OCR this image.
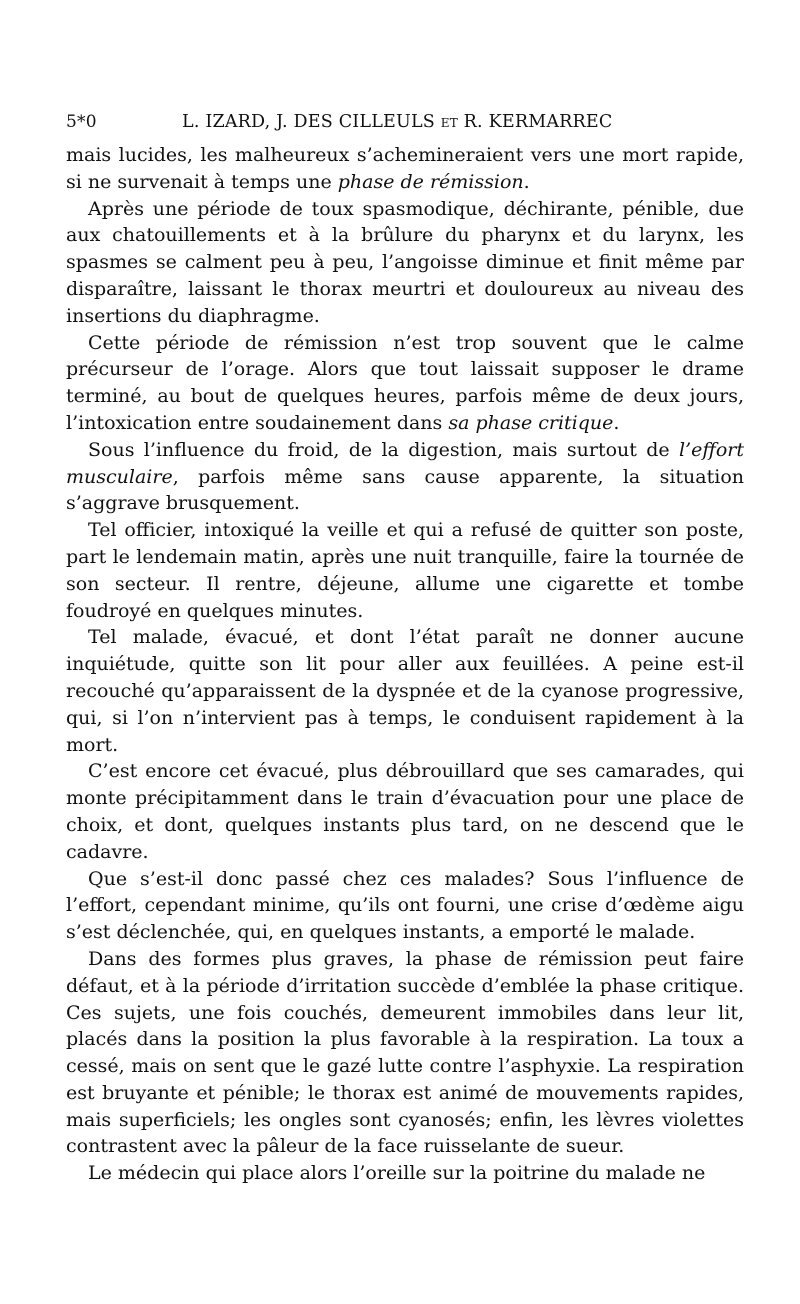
5*0	L. IZARD, J. DES CILLEULS et R. KERMARREC

mais lucides, les malheureux s’achemineraient vers une mort rapide, si ne survenait à temps une phase de rémission.

Après une période de toux spasmodique, déchirante, pénible, due aux chatouillements et à la brûlure du pharynx et du larynx, les spasmes se calment peu à peu, l’angoisse diminue et finit même par disparaître, laissant le thorax meurtri et douloureux au niveau des insertions du diaphragme.

Cette période de rémission n’est trop souvent que le calme précurseur de l’orage. Alors que tout laissait supposer le drame terminé, au bout de quelques heures, parfois même de deux jours, l’intoxication entre soudainement dans sa phase critique.

Sous l’influence du froid, de la digestion, mais surtout de l’effort musculaire, parfois même sans cause apparente, la situation s’aggrave brusquement.

Tel officier, intoxiqué la veille et qui a refusé de quitter son poste, part le lendemain matin, après une nuit tranquille, faire la tournée de son secteur. Il rentre, déjeune, allume une cigarette et tombe foudroyé en quelques minutes.

Tel malade, évacué, et dont l’état paraît ne donner aucune inquiétude, quitte son lit pour aller aux feuillées. A peine est-il recouché qu’apparaissent de la dyspnée et de la cyanose progressive, qui, si l’on n’intervient pas à temps, le conduisent rapidement à la mort.

C’est encore cet évacué, plus débrouillard que ses camarades, qui monte précipitamment dans le train d’évacuation pour une place de choix, et dont, quelques instants plus tard, on ne descend que le cadavre.

Que s’est-il donc passé chez ces malades? Sous l’influence de l’effort, cependant minime, qu’ils ont fourni, une crise d’œdème aigu s’est déclenchée, qui, en quelques instants, a emporté le malade.

Dans des formes plus graves, la phase de rémission peut faire défaut, et à la période d’irritation succède d’emblée la phase critique. Ces sujets, une fois couchés, demeurent immobiles dans leur lit, placés dans la position la plus favorable à la respiration. La toux a cessé, mais on sent que le gazé lutte contre l’asphyxie. La respiration est bruyante et pénible; le thorax est animé de mouvements rapides, mais superficiels; les ongles sont cyanosés; enfin, les lèvres violettes contrastent avec la pâleur de la face ruisselante de sueur.

Le médecin qui place alors l’oreille sur la poitrine du malade ne
